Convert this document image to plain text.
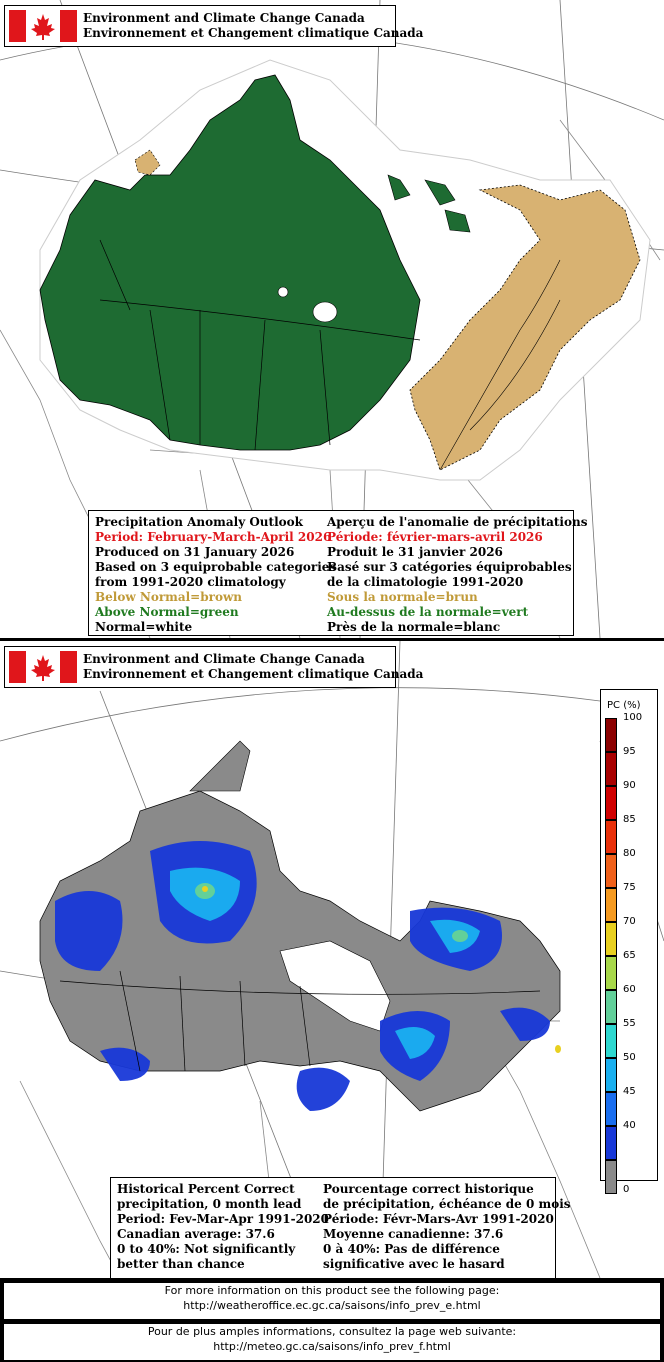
Environment and Climate Change Canada
Environnement et Changement climatique Canada
Precipitation Anomaly Outlook
Period: February-March-April 2026
Produced on 31 January 2026
Based on 3 equiprobable categories
from 1991-2020 climatology
Below Normal=brown
Above Normal=green
Normal=white
Aperçu de l'anomalie de précipitations
Période: février-mars-avril 2026
Produit le 31 janvier 2026
Basé sur 3 catégories équiprobables
de la climatologie 1991-2020
Sous la normale=brun
Au-dessus de la normale=vert
Près de la normale=blanc
Environment and Climate Change Canada
Environnement et Changement climatique Canada
PC (%)
100
95
90
85
80
75
70
65
60
55
50
45
40
0
Historical Percent Correct
precipitation, 0 month lead
Period: Fev-Mar-Apr 1991-2020
Canadian average: 37.6
0 to 40%: Not significantly
better than chance
Pourcentage correct historique
de précipitation, échéance de 0 mois
Période: Févr-Mars-Avr 1991-2020
Moyenne canadienne: 37.6
0 à 40%: Pas de différence
significative avec le hasard
For more information on this product see the following page:
http://weatheroffice.ec.gc.ca/saisons/info_prev_e.html
Pour de plus amples informations, consultez la page web suivante:
http://meteo.gc.ca/saisons/info_prev_f.html
